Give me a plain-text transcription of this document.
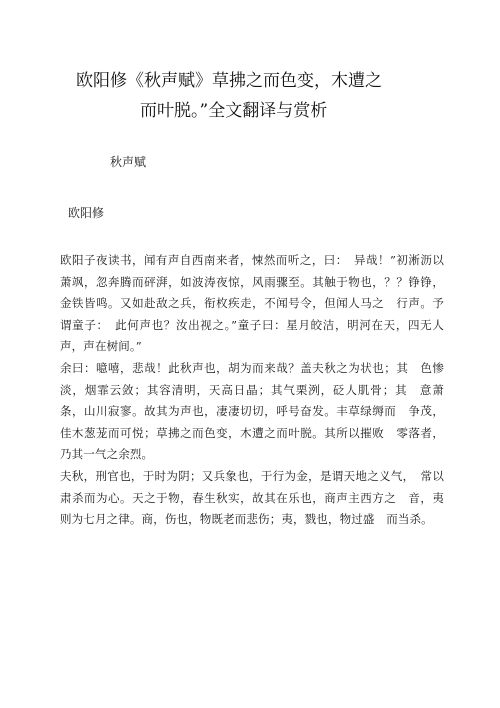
欧阳修《秋声赋》草拂之而色变，木遭之
而叶脱。”全文翻译与赏析
秋声赋
欧阳修

欧阳子夜读书，闻有声自西南来者，悚然而听之，曰：　异哉！”初淅沥以萧飒，忽奔腾而砰湃，如波涛夜惊，风雨骤至。其触于物也，？？铮铮，金铁皆鸣。又如赴敌之兵，衔枚疾走，不闻号令，但闻人马之　行声。予谓童子：　此何声也？汝出视之。”童子曰：星月皎洁，明河在天，四无人声，声在树间。”

余曰：噫嘻，悲哉！此秋声也，胡为而来哉？盖夫秋之为状也；其　色惨淡，烟霏云敛；其容清明，天高日晶；其气栗洌，砭人肌骨；其　意萧条，山川寂寥。故其为声也，凄凄切切，呼号奋发。丰草绿缛而　争茂，佳木葱茏而可悦；草拂之而色变，木遭之而叶脱。其所以摧败　零落者，乃其一气之余烈。

夫秋，刑官也，于时为阴；又兵象也，于行为金，是谓天地之义气，　常以肃杀而为心。天之于物，春生秋实，故其在乐也，商声主西方之　音，夷则为七月之律。商，伤也，物既老而悲伤；夷，戮也，物过盛　而当杀。
